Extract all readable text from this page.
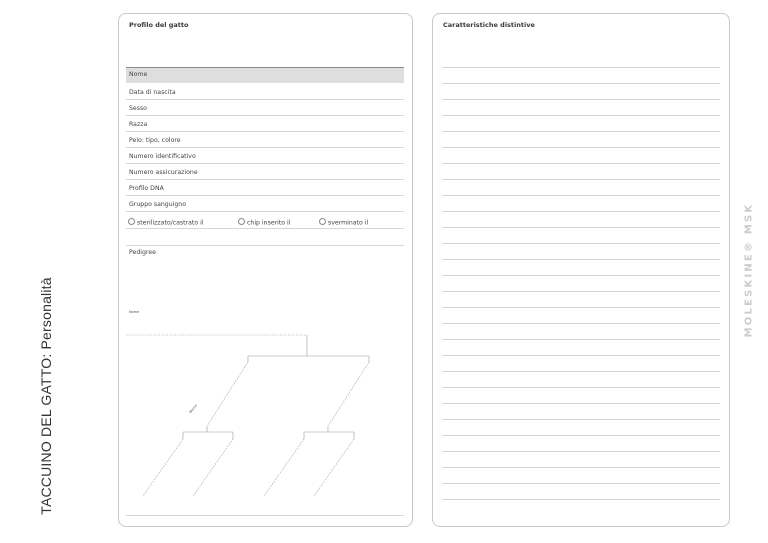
TACCUINO DEL GATTO: Personalità
MOLESKINE® MSK
Profilo del gatto
Nome
Data di nascita
Sesso
Razza
Pelo: tipo, colore
Numero identificativo
Numero assicurazione
Profilo DNA
Gruppo sanguigno
sterilizzato/castrato il	chip inserito il	sverminato il
Pedigree
Nome
Nome
Caratteristiche distintive
